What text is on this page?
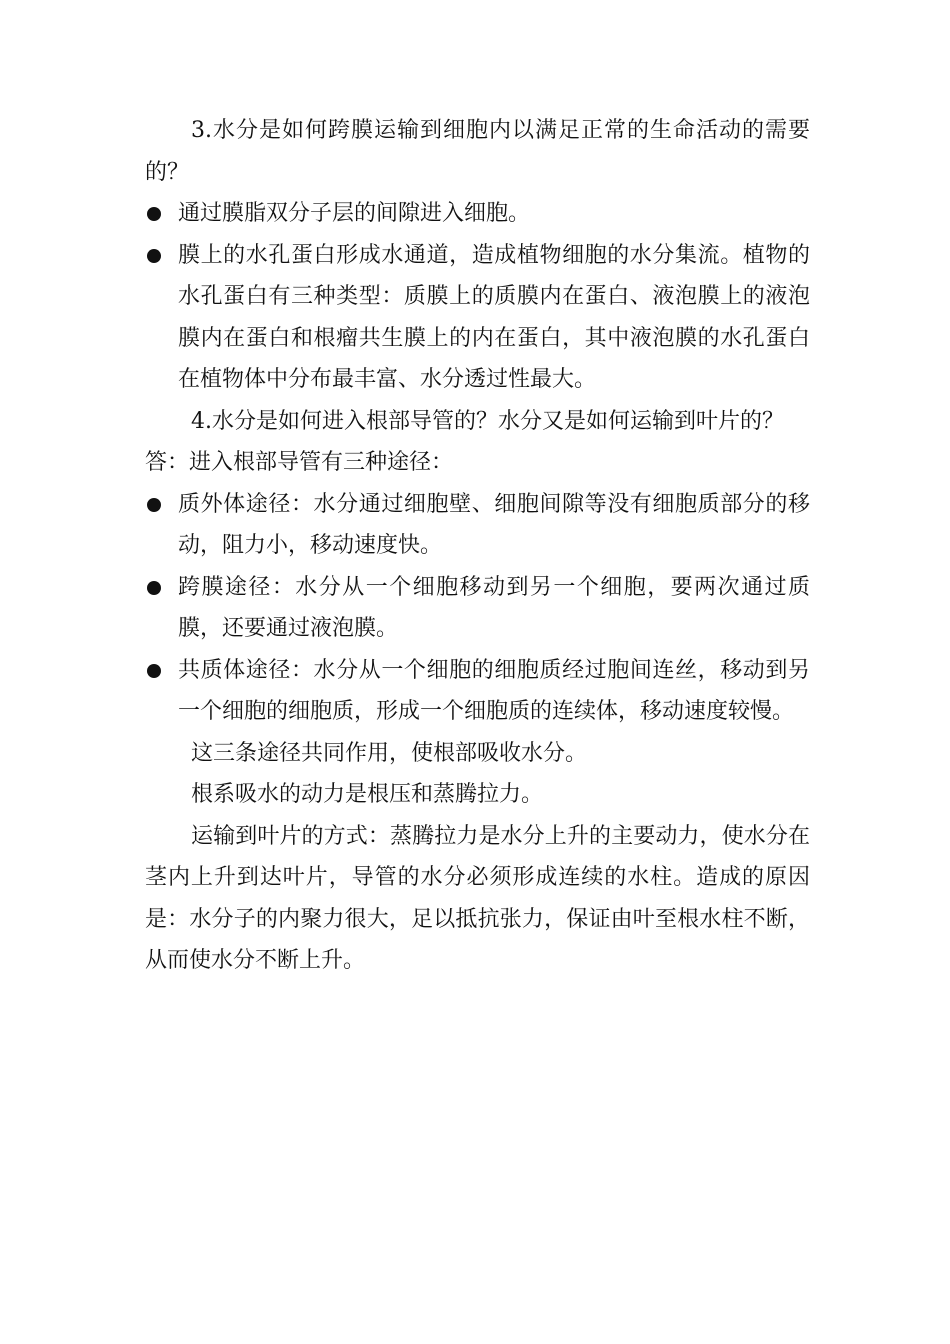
3.水分是如何跨膜运输到细胞内以满足正常的生命活动的需要的？

通过膜脂双分子层的间隙进入细胞。
膜上的水孔蛋白形成水通道，造成植物细胞的水分集流。植物的水孔蛋白有三种类型：质膜上的质膜内在蛋白、液泡膜上的液泡膜内在蛋白和根瘤共生膜上的内在蛋白，其中液泡膜的水孔蛋白在植物体中分布最丰富、水分透过性最大。

4.水分是如何进入根部导管的？水分又是如何运输到叶片的？

答：进入根部导管有三种途径：

质外体途径：水分通过细胞壁、细胞间隙等没有细胞质部分的移动，阻力小，移动速度快。
跨膜途径：水分从一个细胞移动到另一个细胞，要两次通过质膜，还要通过液泡膜。
共质体途径：水分从一个细胞的细胞质经过胞间连丝，移动到另一个细胞的细胞质，形成一个细胞质的连续体，移动速度较慢。

这三条途径共同作用，使根部吸收水分。

根系吸水的动力是根压和蒸腾拉力。

运输到叶片的方式：蒸腾拉力是水分上升的主要动力，使水分在茎内上升到达叶片，导管的水分必须形成连续的水柱。造成的原因是：水分子的内聚力很大，足以抵抗张力，保证由叶至根水柱不断，从而使水分不断上升。
